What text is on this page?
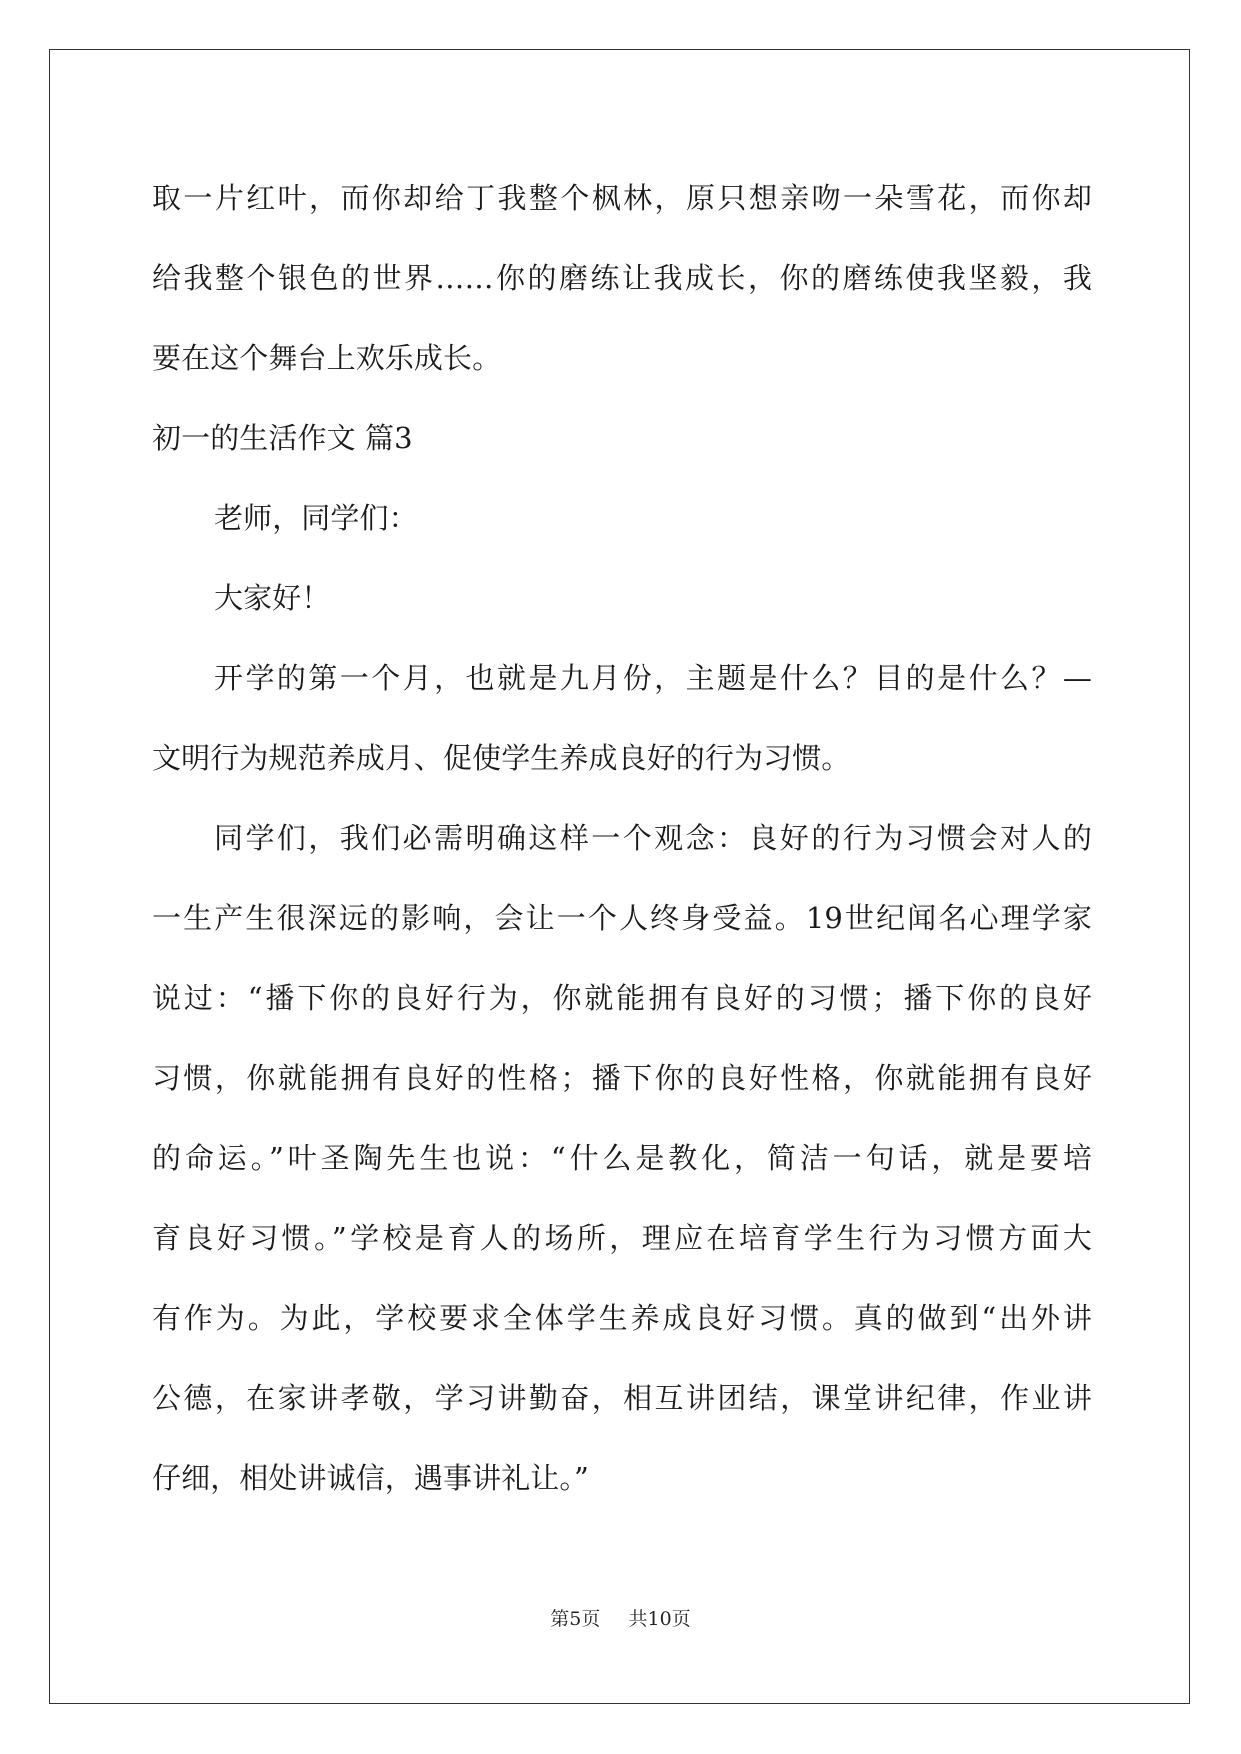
取一片红叶，而你却给丁我整个枫林，原只想亲吻一朵雪花，而你却
给我整个银色的世界……你的磨练让我成长，你的磨练使我坚毅，我
要在这个舞台上欢乐成长。
初一的生活作文 篇3
老师，同学们：
大家好！
开学的第一个月，也就是九月份，主题是什么？目的是什么？—
文明行为规范养成月、促使学生养成良好的行为习惯。
同学们，我们必需明确这样一个观念：良好的行为习惯会对人的
一生产生很深远的影响，会让一个人终身受益。19世纪闻名心理学家
说过：“播下你的良好行为，你就能拥有良好的习惯；播下你的良好
习惯，你就能拥有良好的性格；播下你的良好性格，你就能拥有良好
的命运。”叶圣陶先生也说：“什么是教化，简洁一句话，就是要培
育良好习惯。”学校是育人的场所，理应在培育学生行为习惯方面大
有作为。为此，学校要求全体学生养成良好习惯。真的做到“出外讲
公德，在家讲孝敬，学习讲勤奋，相互讲团结，课堂讲纪律，作业讲
仔细，相处讲诚信，遇事讲礼让。”
第5页 共10页
